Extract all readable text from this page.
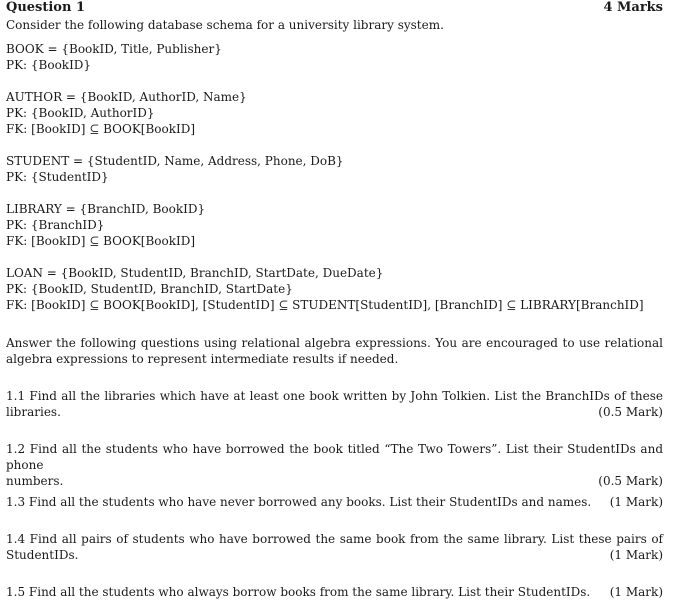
Question 1	4 Marks
Consider the following database schema for a university library system.
BOOK = {BookID, Title, Publisher}
PK: {BookID}
AUTHOR = {BookID, AuthorID, Name}
PK: {BookID, AuthorID}
FK: [BookID] ⊆ BOOK[BookID]
STUDENT = {StudentID, Name, Address, Phone, DoB}
PK: {StudentID}
LIBRARY = {BranchID, BookID}
PK: {BranchID}
FK: [BookID] ⊆ BOOK[BookID]
LOAN = {BookID, StudentID, BranchID, StartDate, DueDate}
PK: {BookID, StudentID, BranchID, StartDate}
FK: [BookID] ⊆ BOOK[BookID], [StudentID] ⊆ STUDENT[StudentID], [BranchID] ⊆ LIBRARY[BranchID]
Answer the following questions using relational algebra expressions. You are encouraged to use relational algebra expressions to represent intermediate results if needed.
1.1 Find all the libraries which have at least one book written by John Tolkien. List the BranchIDs of these
libraries.	(0.5 Mark)
1.2 Find all the students who have borrowed the book titled “The Two Towers”. List their StudentIDs and phone
numbers.	(0.5 Mark)
1.3 Find all the students who have never borrowed any books. List their StudentIDs and names. (1 Mark)
1.4 Find all pairs of students who have borrowed the same book from the same library. List these pairs of
StudentIDs.	(1 Mark)
1.5 Find all the students who always borrow books from the same library. List their StudentIDs. (1 Mark)
